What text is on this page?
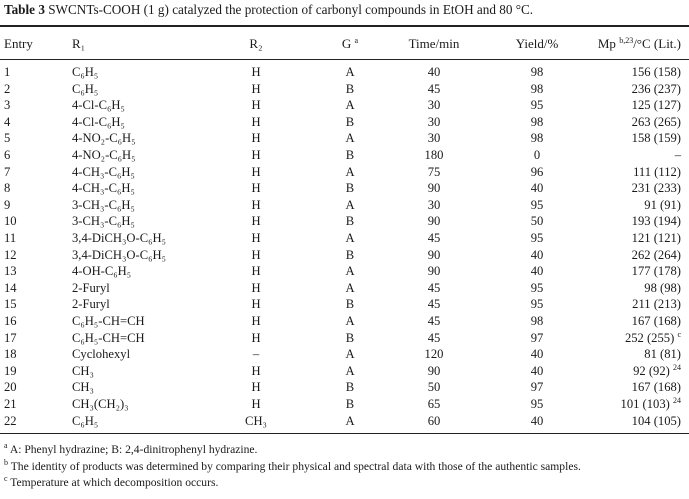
Table 3 SWCNTs-COOH (1 g) catalyzed the protection of carbonyl compounds in EtOH and 80 °C.
Entry	R₁	R₂	G $^a$	Time/min	Yield/%	Mp $^{b,23}$/°C (Lit.)
1	C₆H₅	H	A	40	98	156 (158)
2	C₆H₅	H	B	45	98	236 (237)
3	4-Cl-C₆H₅	H	A	30	95	125 (127)
4	4-Cl-C₆H₅	H	B	30	98	263 (265)
5	4-NO₂-C₆H₅	H	A	30	98	158 (159)
6	4-NO₂-C₆H₅	H	B	180	0	–
7	4-CH₃-C₆H₅	H	A	75	96	111 (112)
8	4-CH₃-C₆H₅	H	B	90	40	231 (233)
9	3-CH₃-C₆H₅	H	A	30	95	91 (91)
10	3-CH₃-C₆H₅	H	B	90	50	193 (194)
11	3,4-DiCH₃O-C₆H₅	H	A	45	95	121 (121)
12	3,4-DiCH₃O-C₆H₅	H	B	90	40	262 (264)
13	4-OH-C₆H₅	H	A	90	40	177 (178)
14	2-Furyl	H	A	45	95	98 (98)
15	2-Furyl	H	B	45	95	211 (213)
16	C₆H₅-CH=CH	H	A	45	98	167 (168)
17	C₆H₅-CH=CH	H	B	45	97	252 (255) $^c$
18	Cyclohexyl	–	A	120	40	81 (81)
19	CH₃	H	A	90	40	92 (92) $^{24}$
20	CH₃	H	B	50	97	167 (168)
21	CH₃(CH₂)₃	H	B	65	95	101 (103) $^{24}$
22	C₆H₅	CH₃	A	60	40	104 (105)
$^a$ A: Phenyl hydrazine; B: 2,4-dinitrophenyl hydrazine.
$^b$ The identity of products was determined by comparing their physical and spectral data with those of the authentic samples.
$^c$ Temperature at which decomposition occurs.
